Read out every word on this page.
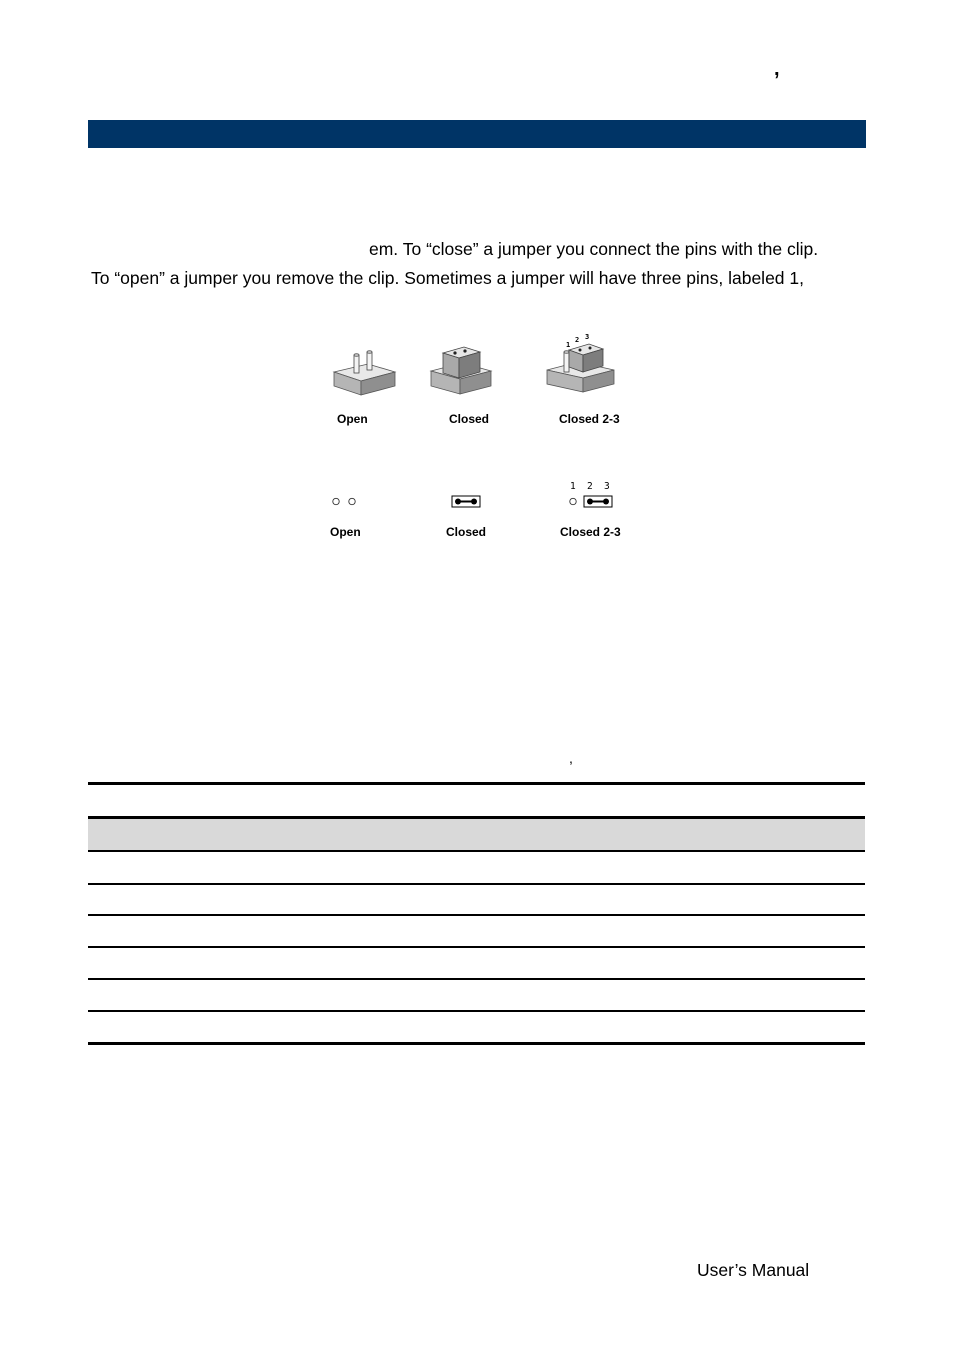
,
em. To “close” a jumper you connect the pins with the clip.
To “open” a jumper you remove the clip. Sometimes a jumper will have three pins, labeled 1,
1
2 3
Open	Closed	Closed 2-3
1 2 3
Open	Closed	Closed 2-3
,
User’s Manual
